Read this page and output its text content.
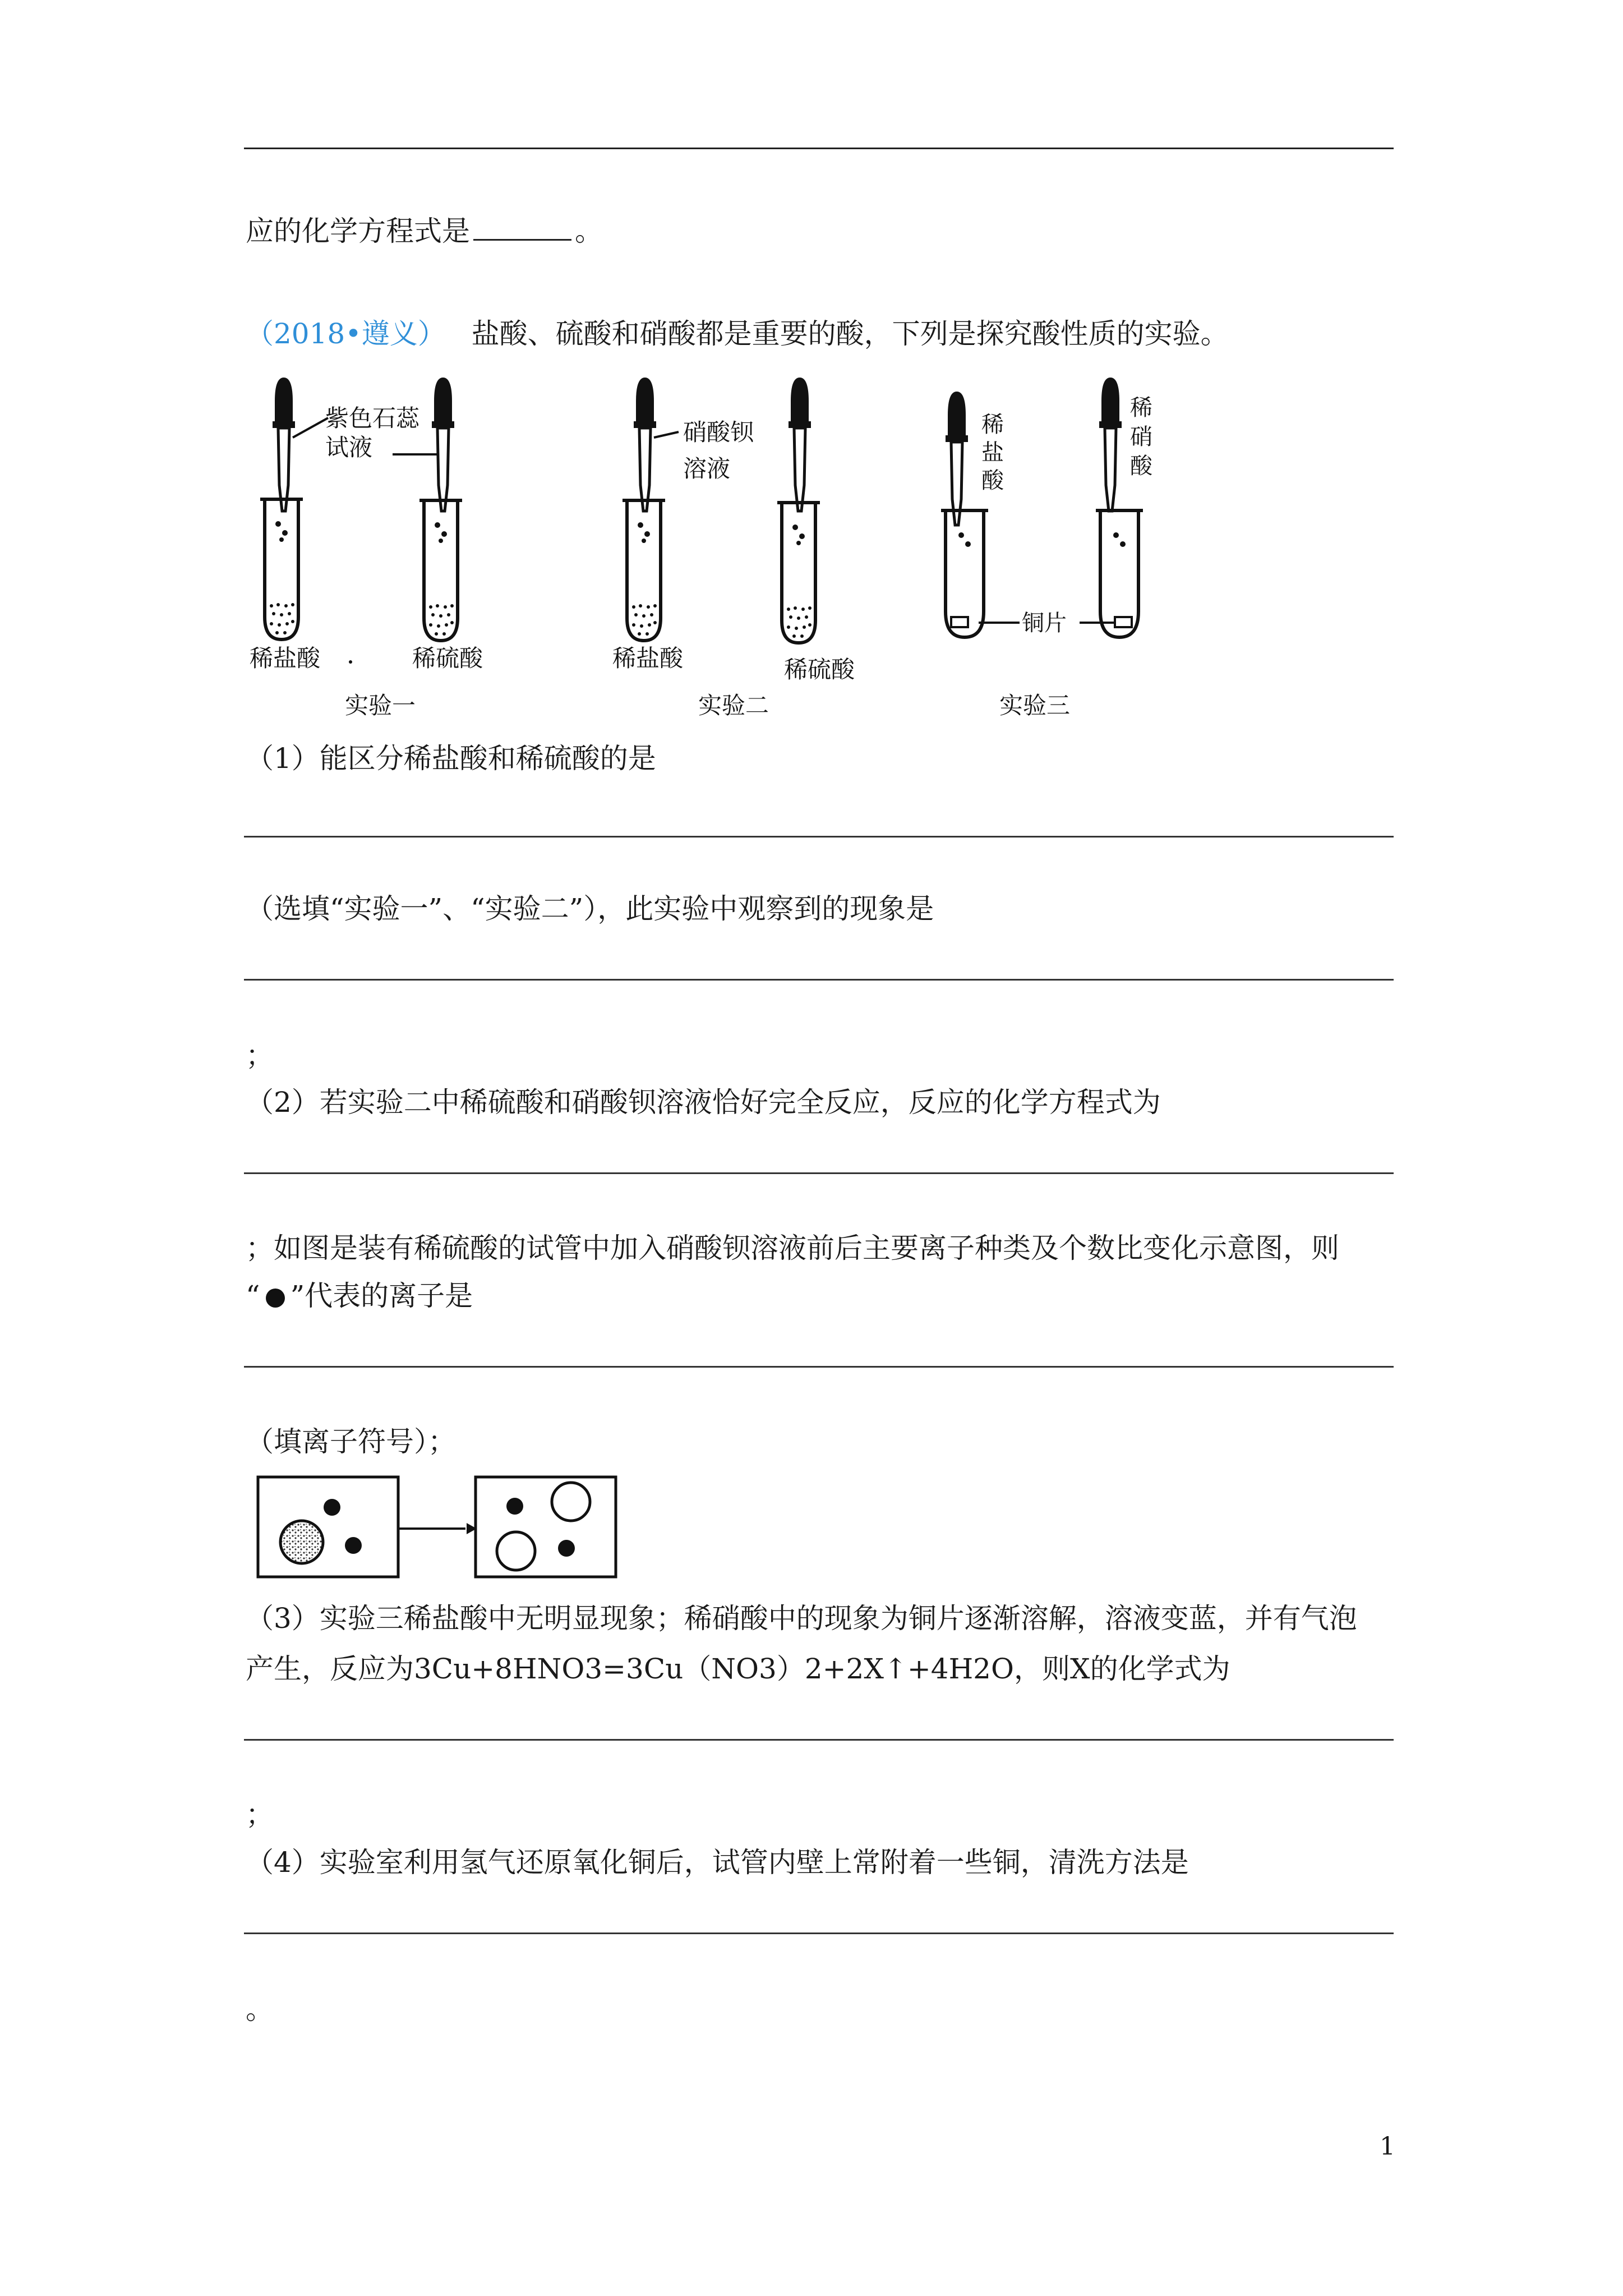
应的化学方程式是	。
（2018•遵义） 盐酸、硫酸和硝酸都是重要的酸，下列是探究酸性质的实验。
紫色石蕊
试液
稀盐酸	稀硫酸
实验一
硝酸钡
溶液
稀盐酸	稀硫酸
实验二
稀
盐
酸
稀
硝
酸
铜片
实验三
（1）能区分稀盐酸和稀硫酸的是
（选填“实验一”、“实验二”），此实验中观察到的现象是
；
（2）若实验二中稀硫酸和硝酸钡溶液恰好完全反应，反应的化学方程式为
；如图是装有稀硫酸的试管中加入硝酸钡溶液前后主要离子种类及个数比变化示意图，则
“ ”代表的离子是
（填离子符号）；
（3）实验三稀盐酸中无明显现象；稀硝酸中的现象为铜片逐渐溶解，溶液变蓝，并有气泡
产生，反应为3Cu+8HNO3=3Cu（NO3）2+2X↑+4H2O，则X的化学式为
；
（4）实验室利用氢气还原氧化铜后，试管内壁上常附着一些铜，清洗方法是
。
1
